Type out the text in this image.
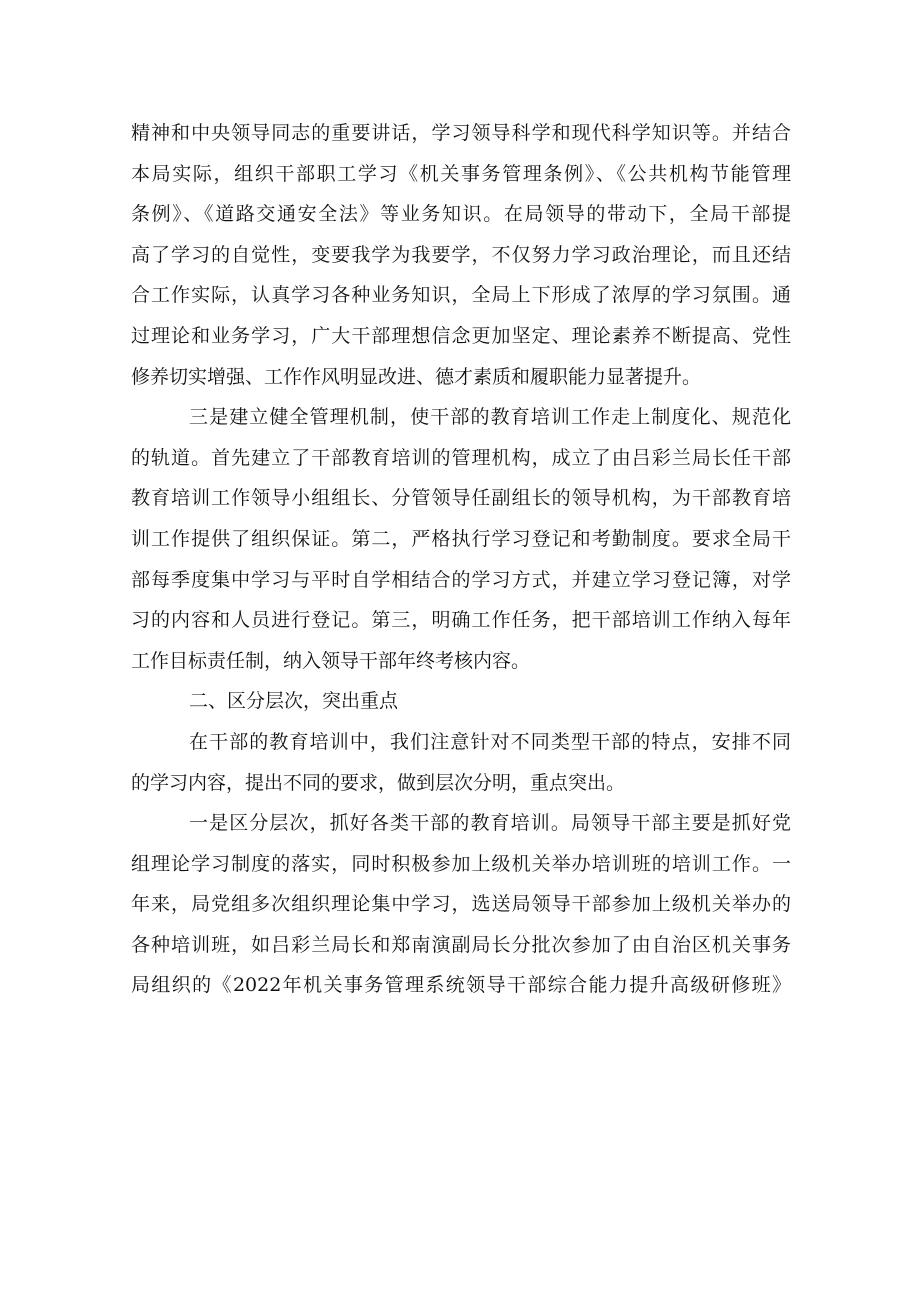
精神和中央领导同志的重要讲话，学习领导科学和现代科学知识等。并结合
本局实际，组织干部职工学习《机关事务管理条例》、《公共机构节能管理
条例》、《道路交通安全法》等业务知识。在局领导的带动下，全局干部提
高了学习的自觉性，变要我学为我要学，不仅努力学习政治理论，而且还结
合工作实际，认真学习各种业务知识，全局上下形成了浓厚的学习氛围。通
过理论和业务学习，广大干部理想信念更加坚定、理论素养不断提高、党性
修养切实增强、工作作风明显改进、德才素质和履职能力显著提升。
三是建立健全管理机制，使干部的教育培训工作走上制度化、规范化
的轨道。首先建立了干部教育培训的管理机构，成立了由吕彩兰局长任干部
教育培训工作领导小组组长、分管领导任副组长的领导机构，为干部教育培
训工作提供了组织保证。第二，严格执行学习登记和考勤制度。要求全局干
部每季度集中学习与平时自学相结合的学习方式，并建立学习登记簿，对学
习的内容和人员进行登记。第三，明确工作任务，把干部培训工作纳入每年
工作目标责任制，纳入领导干部年终考核内容。
二、区分层次，突出重点
在干部的教育培训中，我们注意针对不同类型干部的特点，安排不同
的学习内容，提出不同的要求，做到层次分明，重点突出。
一是区分层次，抓好各类干部的教育培训。局领导干部主要是抓好党
组理论学习制度的落实，同时积极参加上级机关举办培训班的培训工作。一
年来，局党组多次组织理论集中学习，选送局领导干部参加上级机关举办的
各种培训班，如吕彩兰局长和郑南演副局长分批次参加了由自治区机关事务
局组织的《2022年机关事务管理系统领导干部综合能力提升高级研修班》
